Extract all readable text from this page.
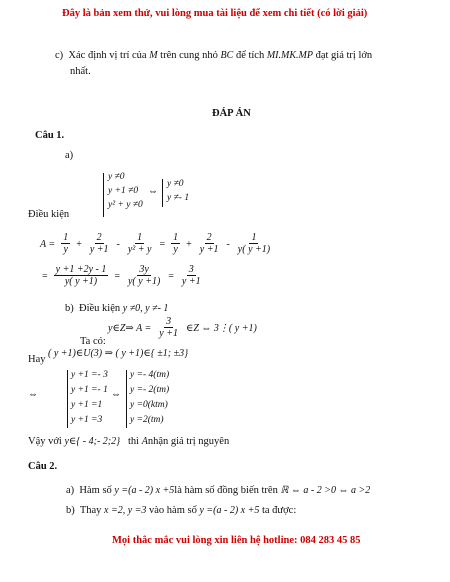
Đây là bản xem thử, vui lòng mua tài liệu để xem chi tiết (có lời giải)
c) Xác định vị trí của M trên cung nhỏ BC để tích MI.MK.MP đạt giá trị lớn
nhất.
ĐÁP ÁN
Câu 1.
a)
y ≠0
y +1 ≠0
y² + y ≠0
⇔
y ≠0
y ≠- 1
Điều kiện
$A = \frac{1}{y} + \frac{2}{y +1} - \frac{1}{\text{y² + y}} = \frac{1}{y} + \frac{2}{y +1} - \frac{1}{y( y +1)}$
= $\frac{y +1 +2y - 1}{y( y +1)} = \frac{3y}{y( y +1)} = \frac{3}{y +1}$
b) Điều kiện y ≠0, y ≠- 1
y∈Z⇒ $A = \frac{3}{y +1}$ ∈Z ⇔ 3⋮( y +1)
Ta có:
Hay
( y +1)∈U(3) ⇒ ( y +1)∈{ ±1; ±3}
⇔
y +1 =- 3
y +1 =- 1
y +1 =1
y +1 =3
⇔
y =- 4(tm)
y =- 2(tm)
y =0(ktm)
y =2(tm)
Vậy với y∈{ - 4;- 2;2} thì Anhận giá trị nguyên
Câu 2.
a) Hàm số y =(a - 2) x +5là hàm số đồng biến trên ℝ ⇔ a - 2 >0 ⇔ a >2
b) Thay x =2, y =3 vào hàm số y =(a - 2) x +5 ta được:
Mọi thắc mắc vui lòng xin liên hệ hotline: 084 283 45 85
